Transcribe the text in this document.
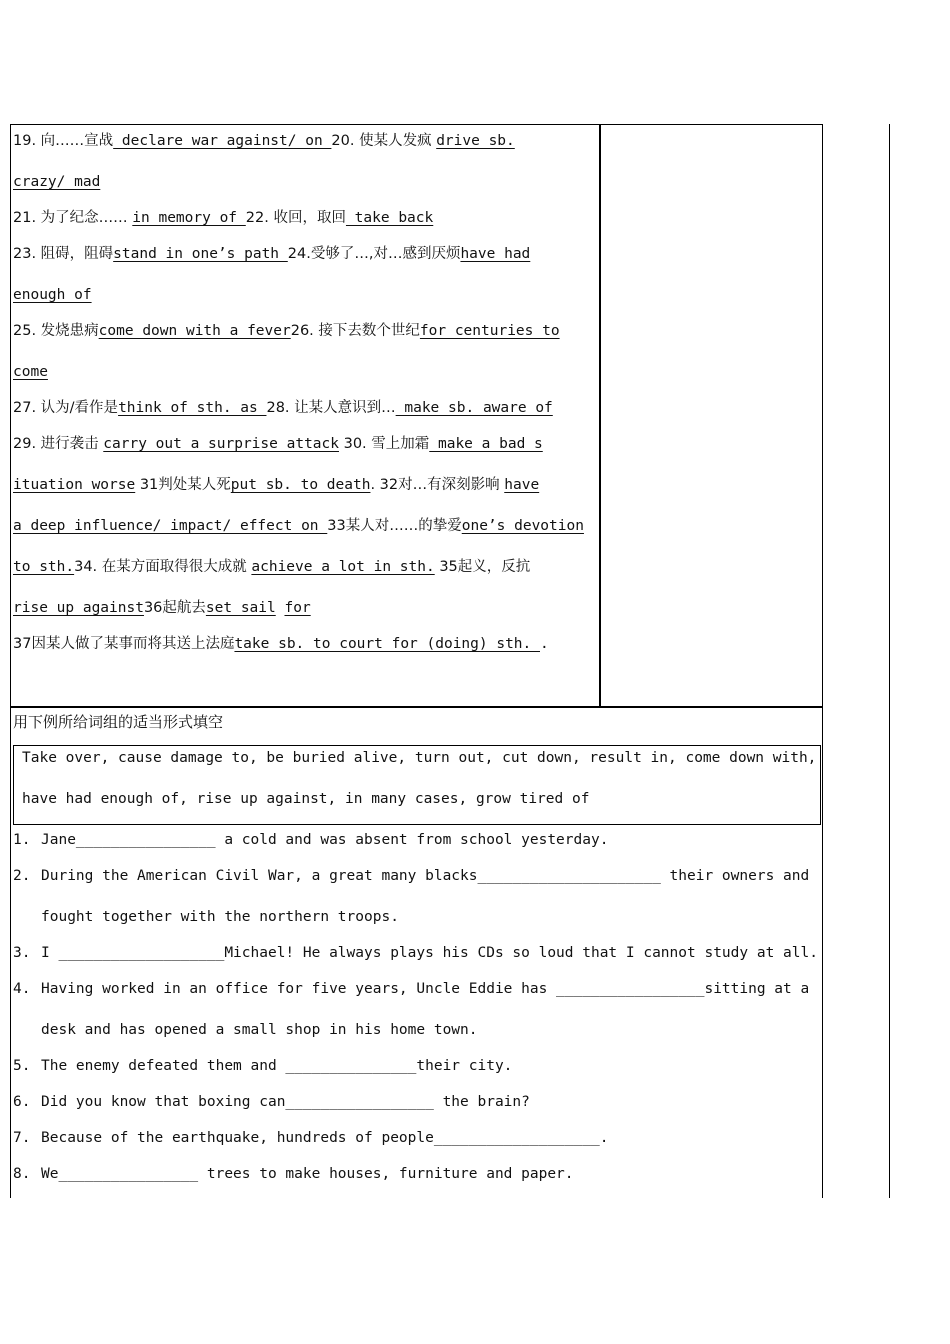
19. 向……宣战 declare war against/ on 20. 使某人发疯 drive sb.
crazy/ mad
21. 为了纪念…… in memory of 22. 收回，取回 take back
23. 阻碍，阻碍stand in one’s path 24.受够了…,对…感到厌烦have had
enough of
25. 发烧患病come down with a fever26. 接下去数个世纪for centuries to
come
27. 认为/看作是think of sth. as 28. 让某人意识到… make sb. aware of
29. 进行袭击 carry out a surprise attack 30. 雪上加霜 make a bad s
ituation worse 31判处某人死put sb. to death. 32对…有深刻影响 have
a deep influence/ impact/ effect on 33某人对……的挚爱one’s devotion
to sth.34. 在某方面取得很大成就 achieve a lot in sth. 35起义，反抗
rise up against36起航去set sail for
37因某人做了某事而将其送上法庭take sb. to court for (doing) sth. .
用下例所给词组的适当形式填空
Take over, cause damage to, be buried alive, turn out, cut down, result in, come down with,
have had enough of, rise up against, in many cases, grow tired of
1. Jane________________ a cold and was absent from school yesterday.
2. During the American Civil War, a great many blacks_____________________ their owners and
fought together with the northern troops.
3. I ___________________Michael! He always plays his CDs so loud that I cannot study at all.
4. Having worked in an office for five years, Uncle Eddie has _________________sitting at a
desk and has opened a small shop in his home town.
5. The enemy defeated them and _______________their city.
6. Did you know that boxing can_________________ the brain?
7. Because of the earthquake, hundreds of people___________________.
8. We________________ trees to make houses, furniture and paper.
